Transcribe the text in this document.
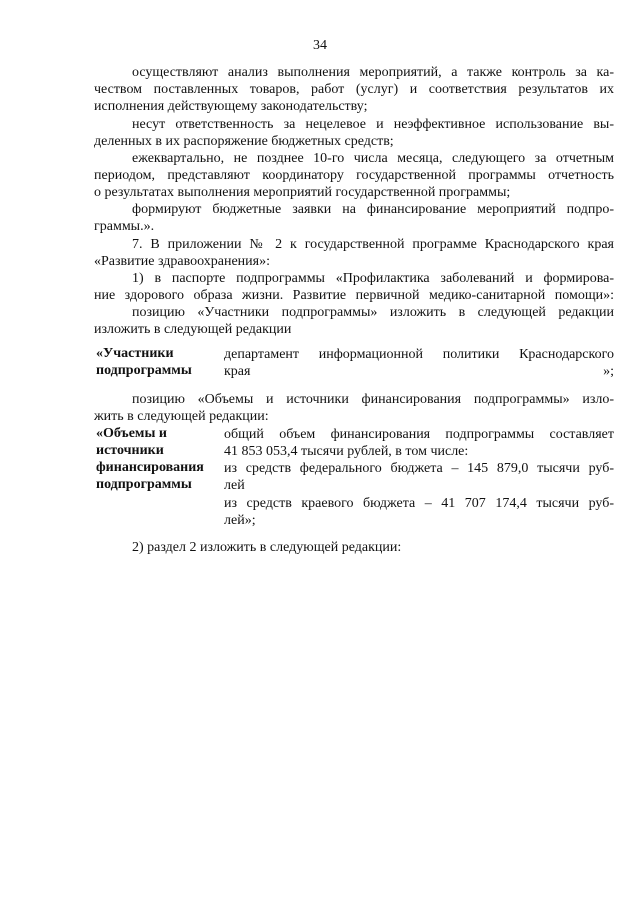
34
осуществляют анализ выполнения мероприятий, а также контроль за ка-
чеством поставленных товаров, работ (услуг) и соответствия результатов их
исполнения действующему законодательству;
несут ответственность за нецелевое и неэффективное использование вы-
деленных в их распоряжение бюджетных средств;
ежеквартально, не позднее 10-го числа месяца, следующего за отчетным
периодом, представляют координатору государственной программы отчетность
о результатах выполнения мероприятий государственной программы;
формируют бюджетные заявки на финансирование мероприятий подпро-
граммы.».
7. В приложении № 2 к государственной программе Краснодарского края
«Развитие здравоохранения»:
1) в паспорте подпрограммы «Профилактика заболеваний и формирова-
ние здорового образа жизни. Развитие первичной медико-санитарной помощи»:
позицию «Участники подпрограммы» изложить в следующей редакции
изложить в следующей редакции
«Участники
подпрограммы
департамент информационной политики Краснодарского
края	»;
позицию «Объемы и источники финансирования подпрограммы» изло-
жить в следующей редакции:
«Объемы и
источники
финансирования
подпрограммы
общий объем финансирования подпрограммы составляет
41 853 053,4 тысячи рублей, в том числе:
из средств федерального бюджета – 145 879,0 тысячи руб-
лей
из средств краевого бюджета – 41 707 174,4 тысячи руб-
лей»;
2) раздел 2 изложить в следующей редакции:
